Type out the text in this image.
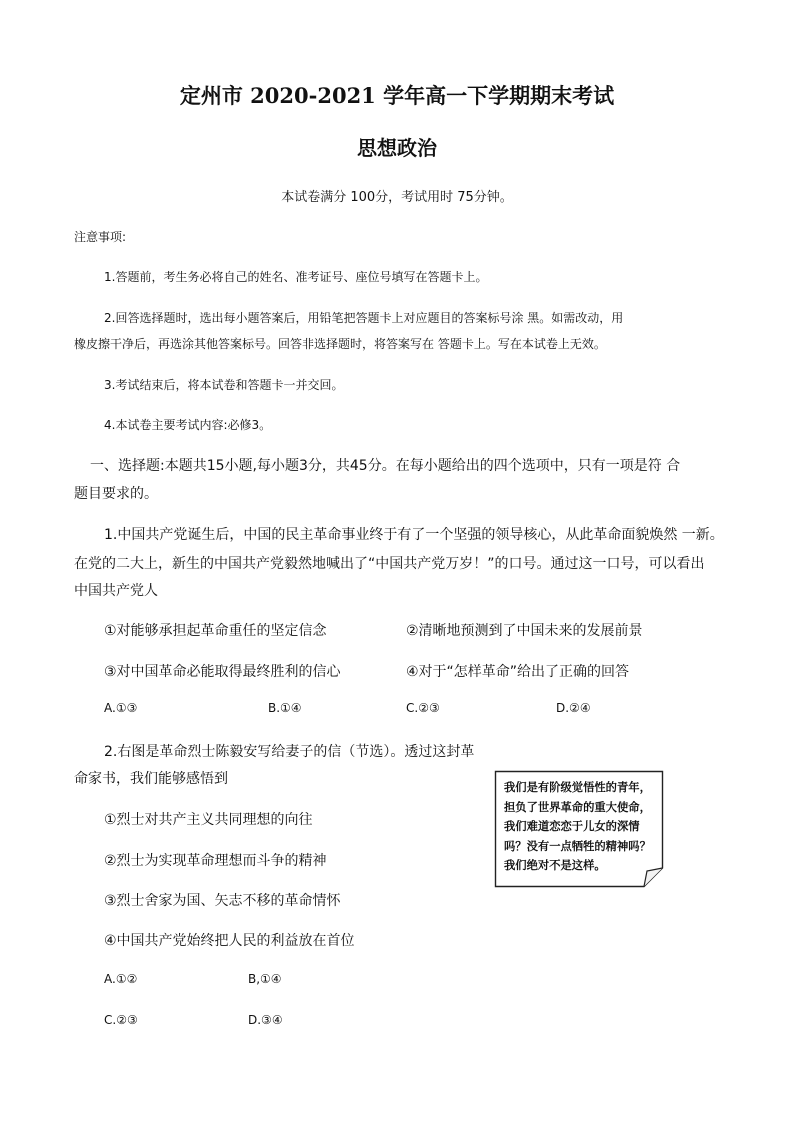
定州市 2020-2021 学年高一下学期期末考试
思想政治
本试卷满分 100分，考试用时 75分钟。
注意事项:
1.答题前，考生务必将自己的姓名、准考证号、座位号填写在答题卡上。
2.回答选择题时，选出每小题答案后，用铅笔把答题卡上对应题目的答案标号涂 黑。如需改动，用
橡皮擦干净后，再选涂其他答案标号。回答非选择题时，将答案写在 答题卡上。写在本试卷上无效。
3.考试结束后，将本试卷和答题卡一并交回。
4.本试卷主要考试内容:必修3。
一、选择题:本题共15小题,每小题3分，共45分。在每小题给出的四个选项中，只有一项是符 合
题目要求的。
1.中国共产党诞生后，中国的民主革命事业终于有了一个坚强的领导核心，从此革命面貌焕然 一新。
在党的二大上，新生的中国共产党毅然地喊出了“中国共产党万岁！”的口号。通过这一口号，可以看出
中国共产党人
①对能够承担起革命重任的坚定信念	②清晰地预测到了中国未来的发展前景
③对中国革命必能取得最终胜利的信心	④对于“怎样革命”给出了正确的回答
A.①③	B.①④	C.②③	D.②④
2.右图是革命烈士陈毅安写给妻子的信（节选）。透过这封革
命家书，我们能够感悟到
①烈士对共产主义共同理想的向往
②烈士为实现革命理想而斗争的精神
③烈士舍家为国、矢志不移的革命情怀
④中国共产党始终把人民的利益放在首位
A.①②	B,①④
C.②③	D.③④
我们是有阶级觉悟性的青年，
担负了世界革命的重大使命，
我们难道恋恋于儿女的深情
吗？没有一点牺牲的精神吗？
我们绝对不是这样。
